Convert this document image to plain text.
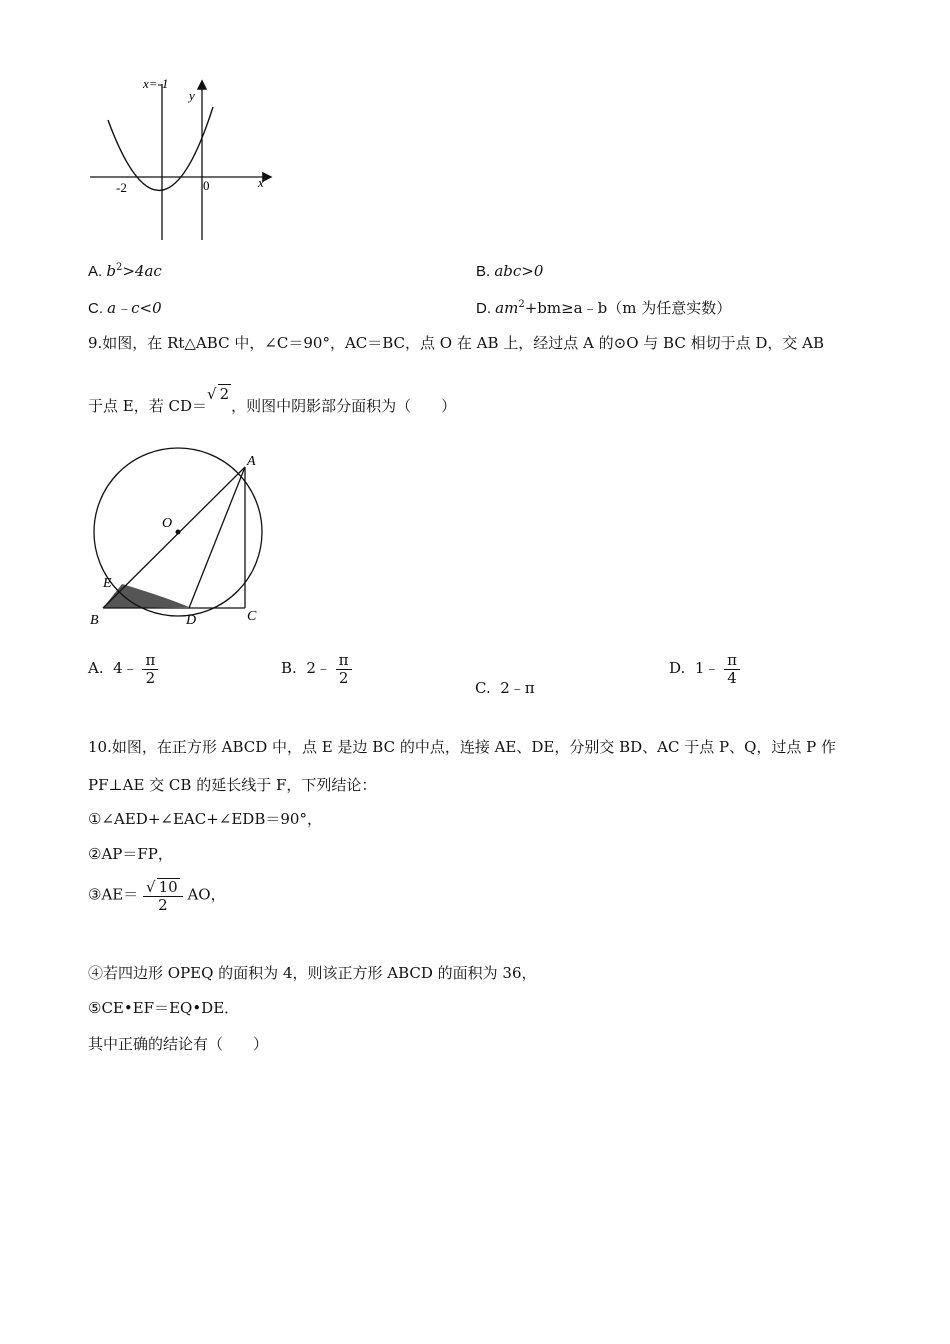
x=-1
y
x
-2	0
A. $b^2>4ac$	B. abc>0
C. a﹣c<0	D. $am^2+bm\ge a﹣b(m$ 为任意实数）
9.如图，在 Rt△ABC 中，∠C＝90°，AC＝BC，点 O 在 AB 上，经过点 A 的⊙O 与 BC 相切于点 D，交 AB
于点 E，若 CD＝√ 2，则图中阴影部分面积为（　　）
A
O
E
B	D	C
A. 4﹣ $\frac{\pi}{2}$	B. 2﹣ $\frac{\pi}{2}$
C. 2﹣π
D. 1﹣ $\frac{\pi}{4}$
10.如图，在正方形 ABCD 中，点 E 是边 BC 的中点，连接 AE、DE，分别交 BD、AC 于点 P、Q，过点 P 作
PF⊥AE 交 CB 的延长线于 F，下列结论：
①∠AED+∠EAC+∠EDB＝90°，
②AP＝FP，
③AE＝ $\frac{√ 10}{2}$ AO，
④若四边形 OPEQ 的面积为 4，则该正方形 ABCD 的面积为 36，
⑤CE•EF＝EQ•DE．
其中正确的结论有（　　）
